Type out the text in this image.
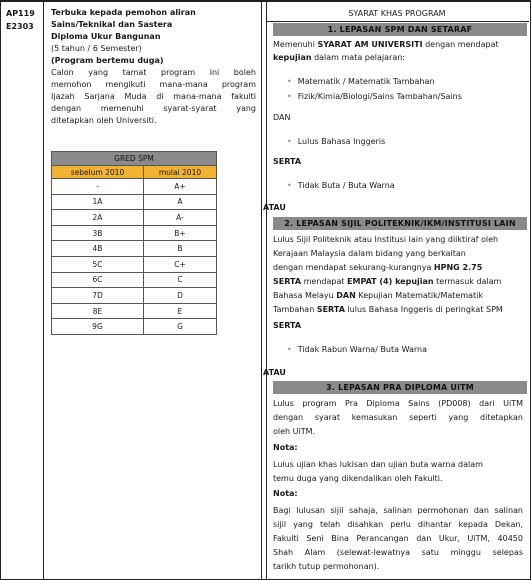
AP119
E2303
Terbuka kepada pemohon aliran
Sains/Teknikal dan Sastera
Diploma Ukur Bangunan
(5 tahun / 6 Semester)
(Program bertemu duga)
Calon yang tamat program ini boleh
memohon mengikuti mana-mana program
Ijazah Sarjana Muda di mana-mana fakulti
dengan memenuhi syarat-syarat yang
ditetapkan oleh Universiti.
GRED SPM	
sebelum 2010	mulai 2010
-	A+
1A	A
2A	A-
3B	B+
4B	B
5C	C+
6C	C
7D	D
8E	E
9G	G
SYARAT KHAS PROGRAM
1. LEPASAN SPM DAN SETARAF
Memenuhi SYARAT AM UNIVERSITI dengan mendapat
kepujian dalam mata pelajaran:
• Matematik / Matematik Tambahan
• Fizik/Kimia/Biologi/Sains Tambahan/Sains
DAN
• Lulus Bahasa Inggeris
SERTA
• Tidak Buta / Buta Warna
ATAU
2. LEPASAN SIJIL POLITEKNIK/IKM/INSTITUSI LAIN
Lulus Sijil Politeknik atau Institusi lain yang diiktiraf oleh
Kerajaan Malaysia dalam bidang yang berkaitan
dengan mendapat sekurang-kurangnya HPNG 2.75
SERTA mendapat EMPAT (4) kepujian termasuk dalam
Bahasa Melayu DAN Kepujian Matematik/Matematik
Tambahan SERTA lulus Bahasa Inggeris di peringkat SPM
SERTA
• Tidak Rabun Warna/ Buta Warna
ATAU
3. LEPASAN PRA DIPLOMA UiTM
Lulus program Pra Diploma Sains (PD008) dari UiTM
dengan syarat kemasukan seperti yang ditetapkan
oleh UiTM.
Nota:
Lulus ujian khas lukisan dan ujian buta warna dalam
temu duga yang dikendalikan oleh Fakulti.
Nota:
Bagi lulusan sijil sahaja, salinan permohonan dan salinan
sijil yang telah disahkan perlu dihantar kepada Dekan,
Fakulti Seni Bina Perancangan dan Ukur, UiTM, 40450
Shah Alam (selewat-lewatnya satu minggu selepas
tarikh tutup permohonan).
